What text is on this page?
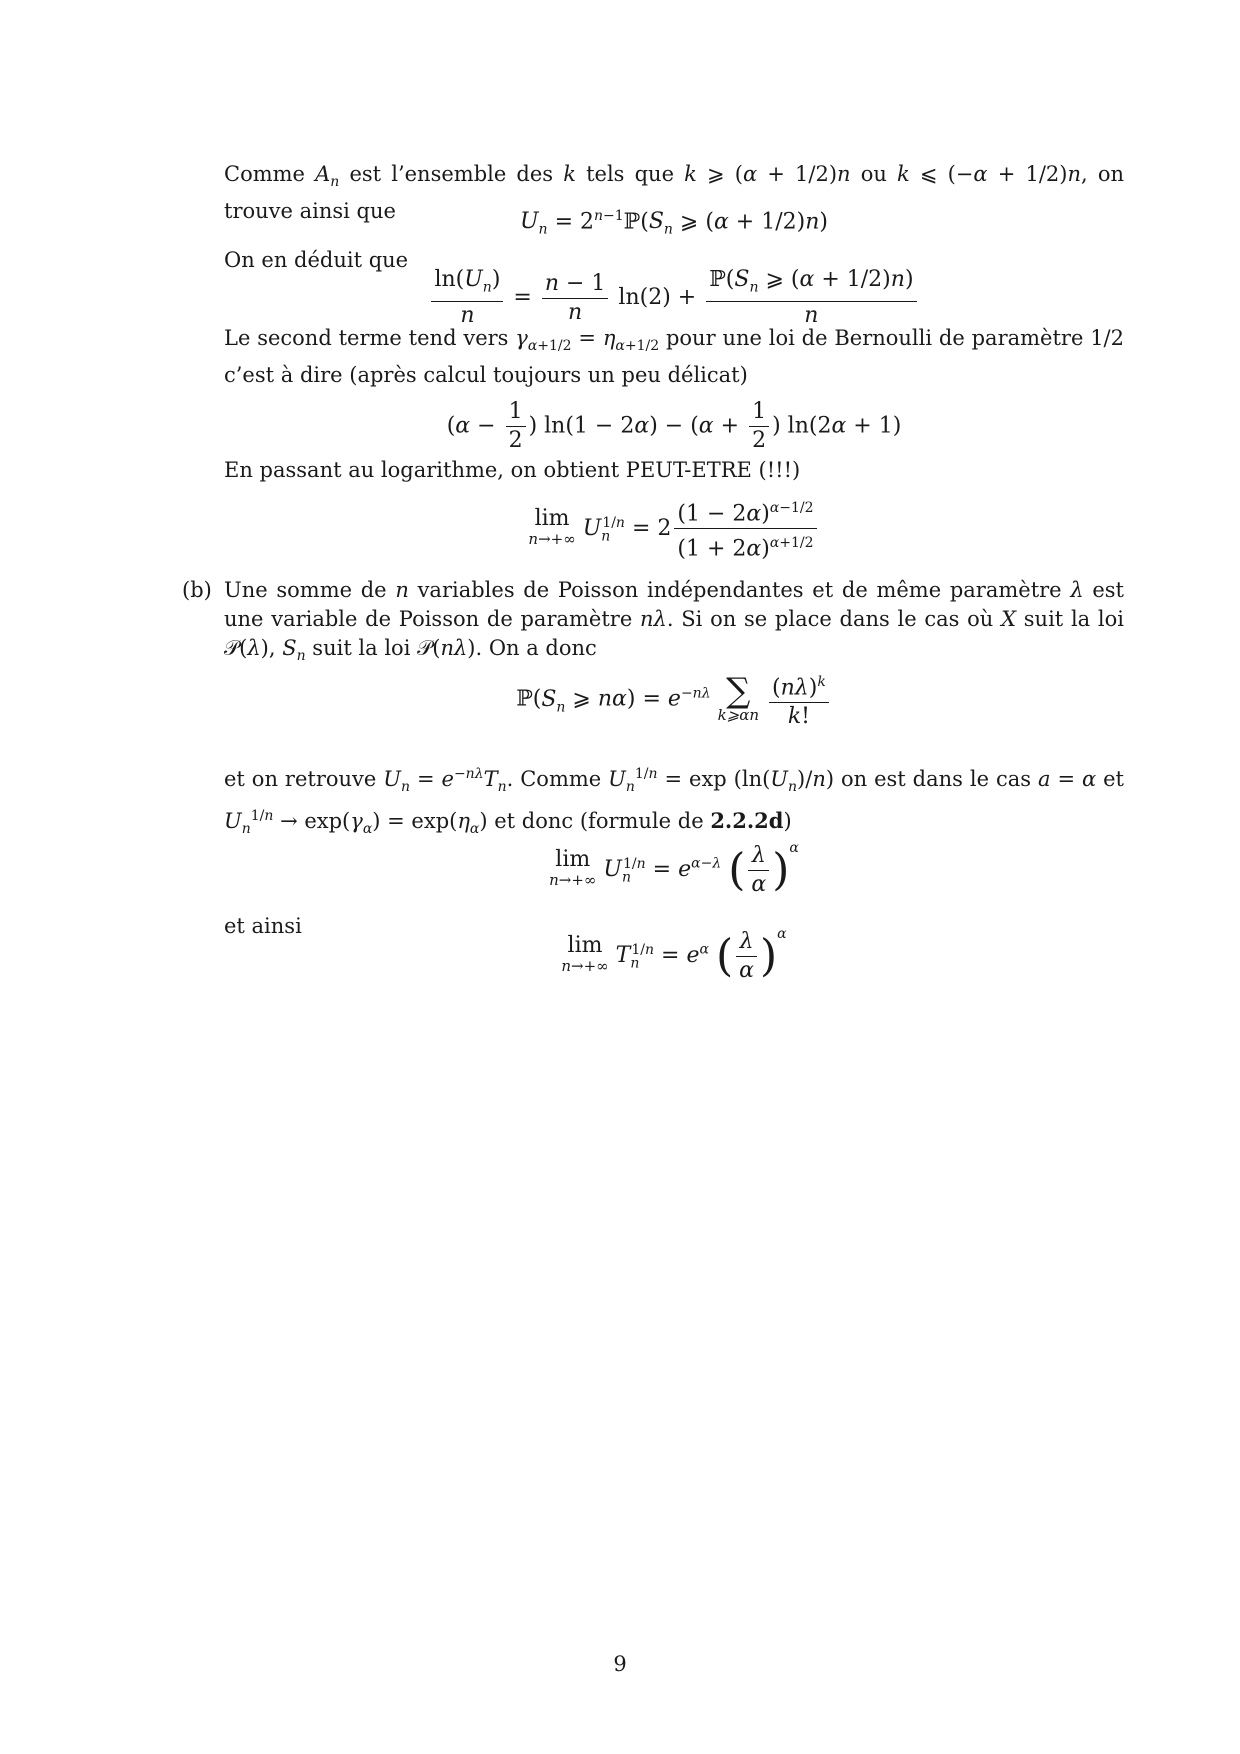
Comme $A_n$ est l’ensemble des k tels que k ⩾ (α + 1/2)n ou k ⩽ (−α + 1/2)n, on trouve ainsi que	$U_n$ = $2^{n-1}ℙ(S_n$ ⩾ (α + 1/2)n)
On en déduit que
$\frac{\ln(U_n)}{n} = \frac{n - 1}{n} \ln(2) + \frac{ℙ(S_n ⩾ (\alpha + 1/2)n)}{n}$
Le second terme tend vers $\gamma_{\alpha+1/2} = \eta_{\alpha+1/2}$ pour une loi de Bernoulli de paramètre 1/2 c’est à dire (après calcul toujours un peu délicat)
($\alpha - \frac{1}{2}$ ) $\ln(1 - 2\alpha) - (\alpha + \frac{1}{2}$ ) ln(2α + 1)
En passant au logarithme, on obtient PEUT-ETRE (!!!)
lim
n→+∞ $U_n^{1/n} = 2 \frac{(1 - 2\alpha)^{\alpha-1/2}}{(1 + 2\alpha)^{\alpha+1/2}}$
(b) Une somme de n variables de Poisson indépendantes et de même paramètre λ est une variable de Poisson de paramètre nλ. Si on se place dans le cas où X suit la loi 𝒫(λ), $S_n$ suit la loi 𝒫(nλ). On a donc
$ℙ(S_n$ ⩾ $n\alpha) = e^{-n\lambda}$ ∑
k⩾αn
$\frac{(n\lambda)^k}{k!}$
et on retrouve $U_n = e^{-n\lambda}T_n$. Comme $U_n^{1/n} = \exp (\ln(U_n)/n)$ on est dans le cas a = α et $U_n^{1/n} \to \exp(\gamma_\alpha) = \exp(\eta_\alpha)$ et donc (formule de 2.2.2d)
lim
n→+∞ $U_n^{1/n} = e^{\alpha-\lambda}$ ( $\frac{\lambda}{\alpha} )^\alpha$
et ainsi
lim
n→+∞ $T_n^{1/n} = e^\alpha$ ( $\frac{\lambda}{\alpha} )^\alpha$
9
